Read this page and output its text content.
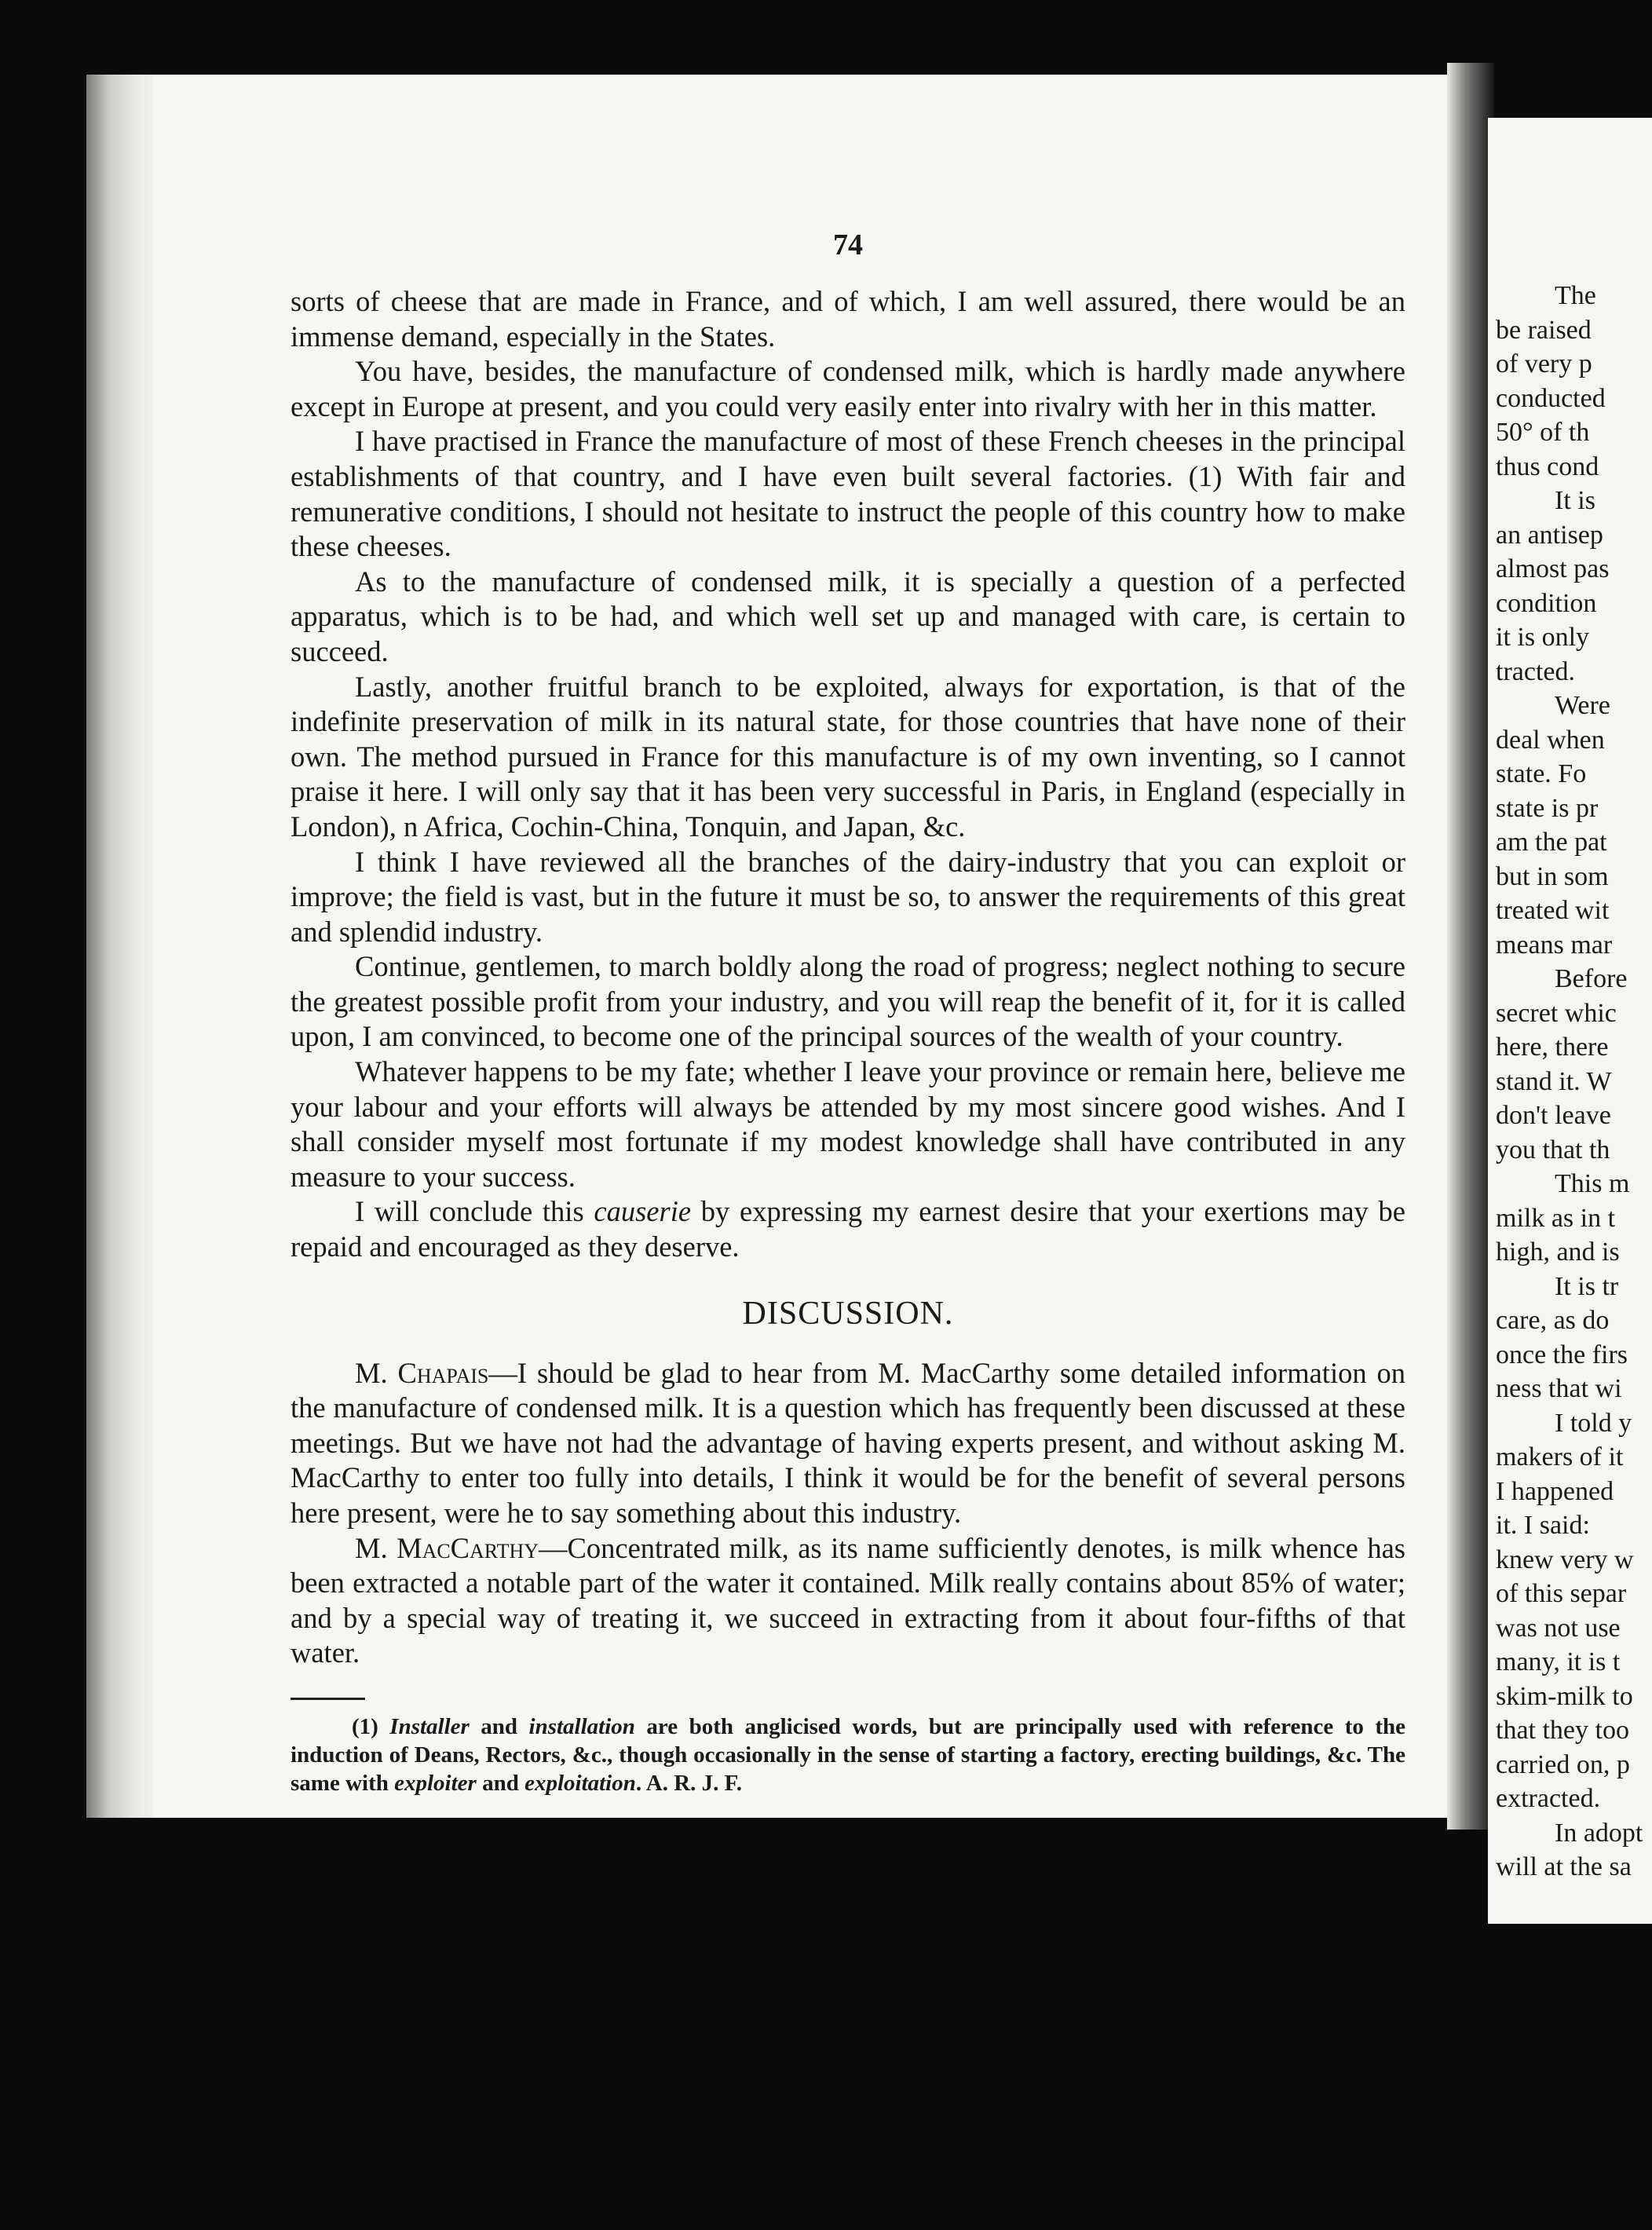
74

sorts of cheese that are made in France, and of which, I am well assured, there would be an immense demand, especially in the States.

You have, besides, the manufacture of condensed milk, which is hardly made anywhere except in Europe at present, and you could very easily enter into rivalry with her in this matter.

I have practised in France the manufacture of most of these French cheeses in the principal establishments of that country, and I have even built several factories. (1) With fair and remunerative conditions, I should not hesitate to instruct the people of this country how to make these cheeses.

As to the manufacture of condensed milk, it is specially a question of a perfected apparatus, which is to be had, and which well set up and managed with care, is certain to succeed.

Lastly, another fruitful branch to be exploited, always for exportation, is that of the indefinite preservation of milk in its natural state, for those countries that have none of their own. The method pursued in France for this manufacture is of my own inventing, so I cannot praise it here. I will only say that it has been very successful in Paris, in England (especially in London), n Africa, Cochin-China, Tonquin, and Japan, &c.

I think I have reviewed all the branches of the dairy-industry that you can exploit or improve; the field is vast, but in the future it must be so, to answer the requirements of this great and splendid industry.

Continue, gentlemen, to march boldly along the road of progress; neglect nothing to secure the greatest possible profit from your industry, and you will reap the benefit of it, for it is called upon, I am convinced, to become one of the principal sources of the wealth of your country.

Whatever happens to be my fate; whether I leave your province or remain here, believe me your labour and your efforts will always be attended by my most sincere good wishes. And I shall consider myself most fortunate if my modest knowledge shall have contributed in any measure to your success.

I will conclude this causerie by expressing my earnest desire that your exertions may be repaid and encouraged as they deserve.

DISCUSSION.

M. Chapais—I should be glad to hear from M. MacCarthy some detailed information on the manufacture of condensed milk. It is a question which has frequently been discussed at these meetings. But we have not had the advantage of having experts present, and without asking M. MacCarthy to enter too fully into details, I think it would be for the benefit of several persons here present, were he to say something about this industry.

M. MacCarthy—Concentrated milk, as its name sufficiently denotes, is milk whence has been extracted a notable part of the water it contained. Milk really contains about 85% of water; and by a special way of treating it, we succeed in extracting from it about four-fifths of that water.

(1) Installer and installation are both anglicised words, but are principally used with reference to the induction of Deans, Rectors, &c., though occasionally in the sense of starting a factory, erecting buildings, &c. The same with exploiter and exploitation. A. R. J. F.

The
be raised
of very p
conducted
50° of th
thus cond
It is
an antisep
almost pas
condition
it is only
tracted.
Were
deal when
state. Fo
state is pr
am the pat
but in som
treated wit
means mar
Before
secret whic
here, there
stand it. W
don't leave
you that th
This m
milk as in t
high, and is
It is tr
care, as do
once the firs
ness that wi
I told y
makers of it
I happened
it. I said:
knew very w
of this separ
was not use
many, it is t
skim-milk to
that they too
carried on, p
extracted.
In adopt
will at the sa
